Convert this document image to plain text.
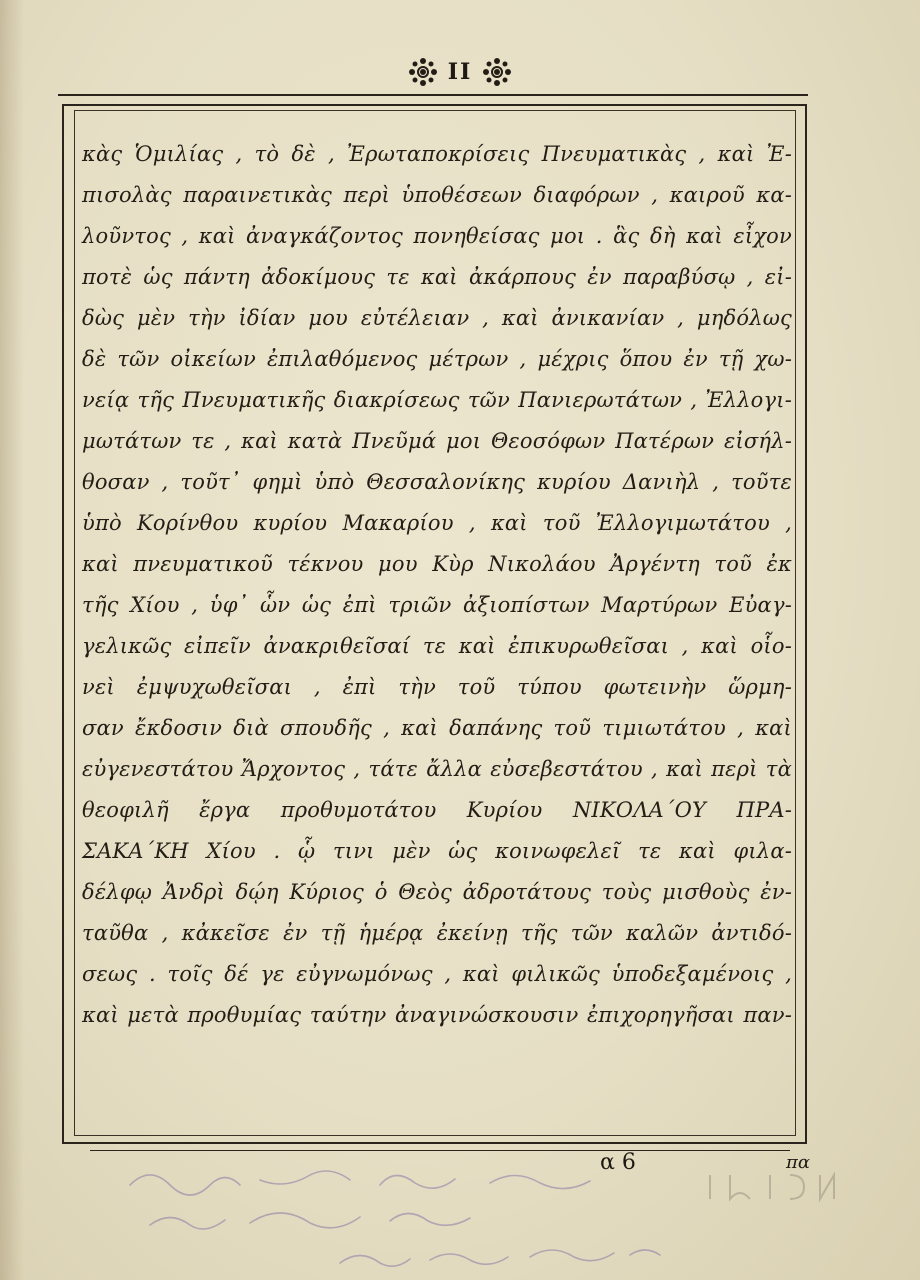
ΙΙ
κὰς Ὁμιλίας , τὸ δὲ , Ἐρωταποκρίσεις Πνευματικὰς , καὶ Ἐ-
πισολὰς παραινετικὰς περὶ ὑποθέσεων διαφόρων , καιροῦ κα-
λοῦντος , καὶ ἀναγκάζοντος πονηθείσας μοι . ἃς δὴ καὶ εἶχον
ποτὲ ὡς πάντη ἀδοκίμους τε καὶ ἀκάρπους ἐν παραβύσῳ , εἰ-
δὼς μὲν τὴν ἰδίαν μου εὐτέλειαν , καὶ ἀνικανίαν , μηδόλως
δὲ τῶν οἰκείων ἐπιλαθόμενος μέτρων , μέχρις ὅπου ἐν τῇ χω-
νείᾳ τῆς Πνευματικῆς διακρίσεως τῶν Πανιερωτάτων , Ἐλλογι-
μωτάτων τε , καὶ κατὰ Πνεῦμά μοι Θεοσόφων Πατέρων εἰσήλ-
θοσαν , τοῦτ᾽ φημὶ ὑπὸ Θεσσαλονίκης κυρίου Δανιὴλ , τοῦτε
ὑπὸ Κορίνθου κυρίου Μακαρίου , καὶ τοῦ Ἐλλογιμωτάτου ,
καὶ πνευματικοῦ τέκνου μου Κὺρ Νικολάου Ἀργέντη τοῦ ἐκ
τῆς Χίου , ὑφ᾽ ὧν ὡς ἐπὶ τριῶν ἀξιοπίστων Μαρτύρων Εὐαγ-
γελικῶς εἰπεῖν ἀνακριθεῖσαί τε καὶ ἐπικυρωθεῖσαι , καὶ οἷο-
νεὶ ἐμψυχωθεῖσαι , ἐπὶ τὴν τοῦ τύπου φωτεινὴν ὥρμη-
σαν ἔκδοσιν διὰ σπουδῆς , καὶ δαπάνης τοῦ τιμιωτάτου , καὶ
εὐγενεστάτου Ἄρχοντος , τάτε ἄλλα εὐσεβεστάτου , καὶ περὶ τὰ
θεοφιλῆ ἔργα προθυμοτάτου Κυρίου ΝΙΚΟΛΑ´ΟΥ ΠΡΑ-
ΣΑΚΑ´ΚΗ Χίου . ᾧ τινι μὲν ὡς κοινωφελεῖ τε καὶ φιλα-
δέλφῳ Ἀνδρὶ δῴη Κύριος ὁ Θεὸς ἀδροτάτους τοὺς μισθοὺς ἐν-
ταῦθα , κἀκεῖσε ἐν τῇ ἡμέρᾳ ἐκείνῃ τῆς τῶν καλῶν ἀντιδό-
σεως . τοῖς δέ γε εὐγνωμόνως , καὶ φιλικῶς ὑποδεξαμένοις ,
καὶ μετὰ προθυμίας ταύτην ἀναγινώσκουσιν ἐπιχορηγῆσαι παν-
α 6	πα
